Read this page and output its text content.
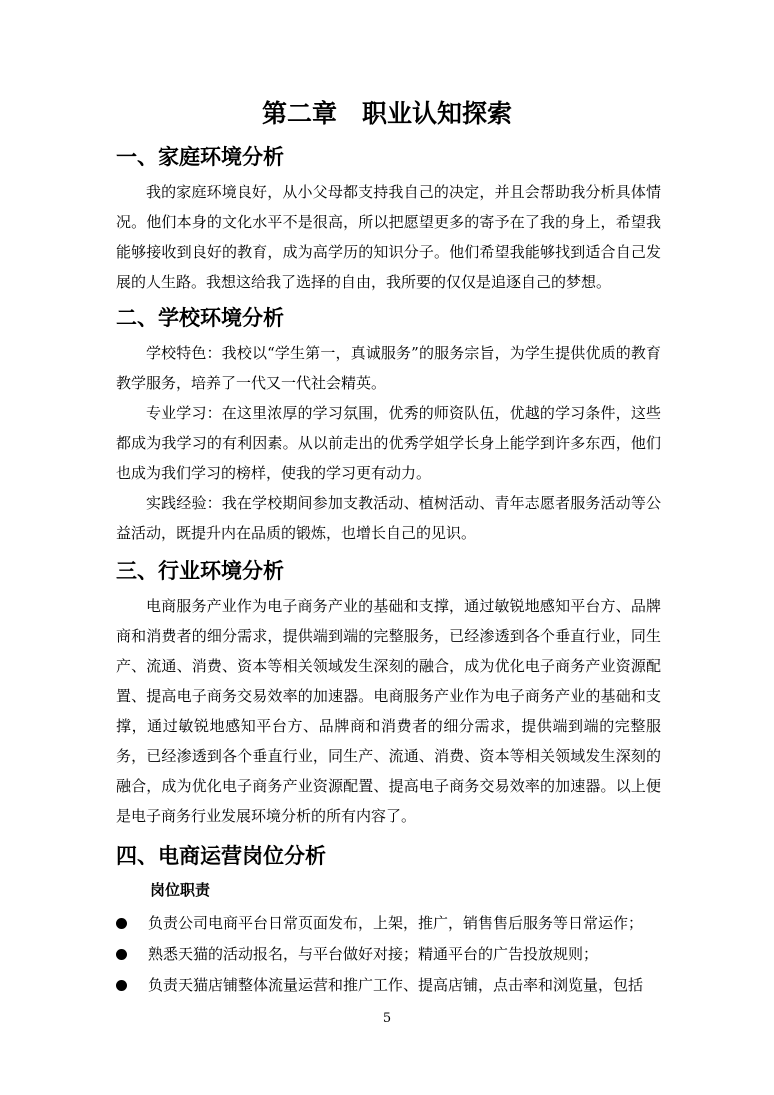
第二章　职业认知探索
一、家庭环境分析

我的家庭环境良好，从小父母都支持我自己的决定，并且会帮助我分析具体情况。他们本身的文化水平不是很高，所以把愿望更多的寄予在了我的身上，希望我能够接收到良好的教育，成为高学历的知识分子。他们希望我能够找到适合自己发展的人生路。我想这给我了选择的自由，我所要的仅仅是追逐自己的梦想。

二、学校环境分析

学校特色：我校以“学生第一，真诚服务”的服务宗旨，为学生提供优质的教育教学服务，培养了一代又一代社会精英。

专业学习：在这里浓厚的学习氛围，优秀的师资队伍，优越的学习条件，这些都成为我学习的有利因素。从以前走出的优秀学姐学长身上能学到许多东西，他们也成为我们学习的榜样，使我的学习更有动力。

实践经验：我在学校期间参加支教活动、植树活动、青年志愿者服务活动等公益活动，既提升内在品质的锻炼，也增长自己的见识。

三、行业环境分析

电商服务产业作为电子商务产业的基础和支撑，通过敏锐地感知平台方、品牌商和消费者的细分需求，提供端到端的完整服务，已经渗透到各个垂直行业，同生产、流通、消费、资本等相关领域发生深刻的融合，成为优化电子商务产业资源配置、提高电子商务交易效率的加速器。电商服务产业作为电子商务产业的基础和支撑，通过敏锐地感知平台方、品牌商和消费者的细分需求，提供端到端的完整服务，已经渗透到各个垂直行业，同生产、流通、消费、资本等相关领域发生深刻的融合，成为优化电子商务产业资源配置、提高电子商务交易效率的加速器。以上便是电子商务行业发展环境分析的所有内容了。

四、电商运营岗位分析
岗位职责
负责公司电商平台日常页面发布，上架，推广，销售售后服务等日常运作；
熟悉天猫的活动报名，与平台做好对接；精通平台的广告投放规则；
负责天猫店铺整体流量运营和推广工作、提高店铺，点击率和浏览量，包括
5
